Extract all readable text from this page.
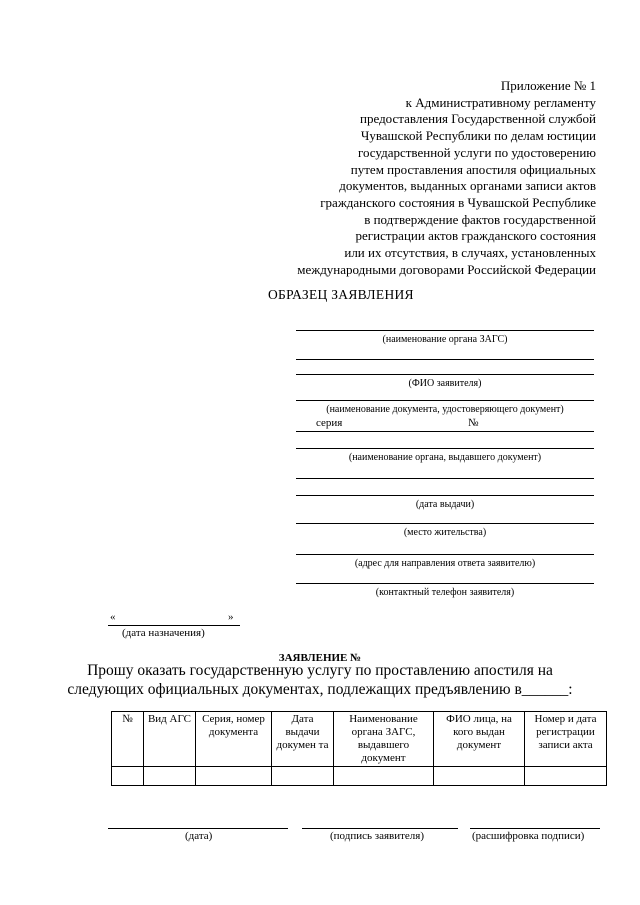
Приложение № 1
к Административному регламенту
предоставления Государственной службой
Чувашской Республики по делам юстиции
государственной услуги по удостоверению
путем проставления апостиля официальных
документов, выданных органами записи актов
гражданского состояния в Чувашской Республике
в подтверждение фактов государственной
регистрации актов гражданского состояния
или их отсутствия, в случаях, установленных
международными договорами Российской Федерации
ОБРАЗЕЦ ЗАЯВЛЕНИЯ
(наименование органа ЗАГС)
(ФИО заявителя)
(наименование документа, удостоверяющего документ)
серия	№
(наименование органа, выдавшего документ)
(дата выдачи)
(место жительства)
(адрес для направления ответа заявителю)
(контактный телефон заявителя)
«	»
(дата назначения)
ЗАЯВЛЕНИЕ №
Прошу оказать государственную услугу по проставлению апостиля на
следующих официальных документах, подлежащих предъявлению в______:
№	Вид АГС	Серия, номер документа	Дата выдачи докумен та	Наименование органа ЗАГС, выдавшего документ	ФИО лица, на кого выдан документ	Номер и дата регистрации записи акта

(дата)	(подпись заявителя)	(расшифровка подписи)
